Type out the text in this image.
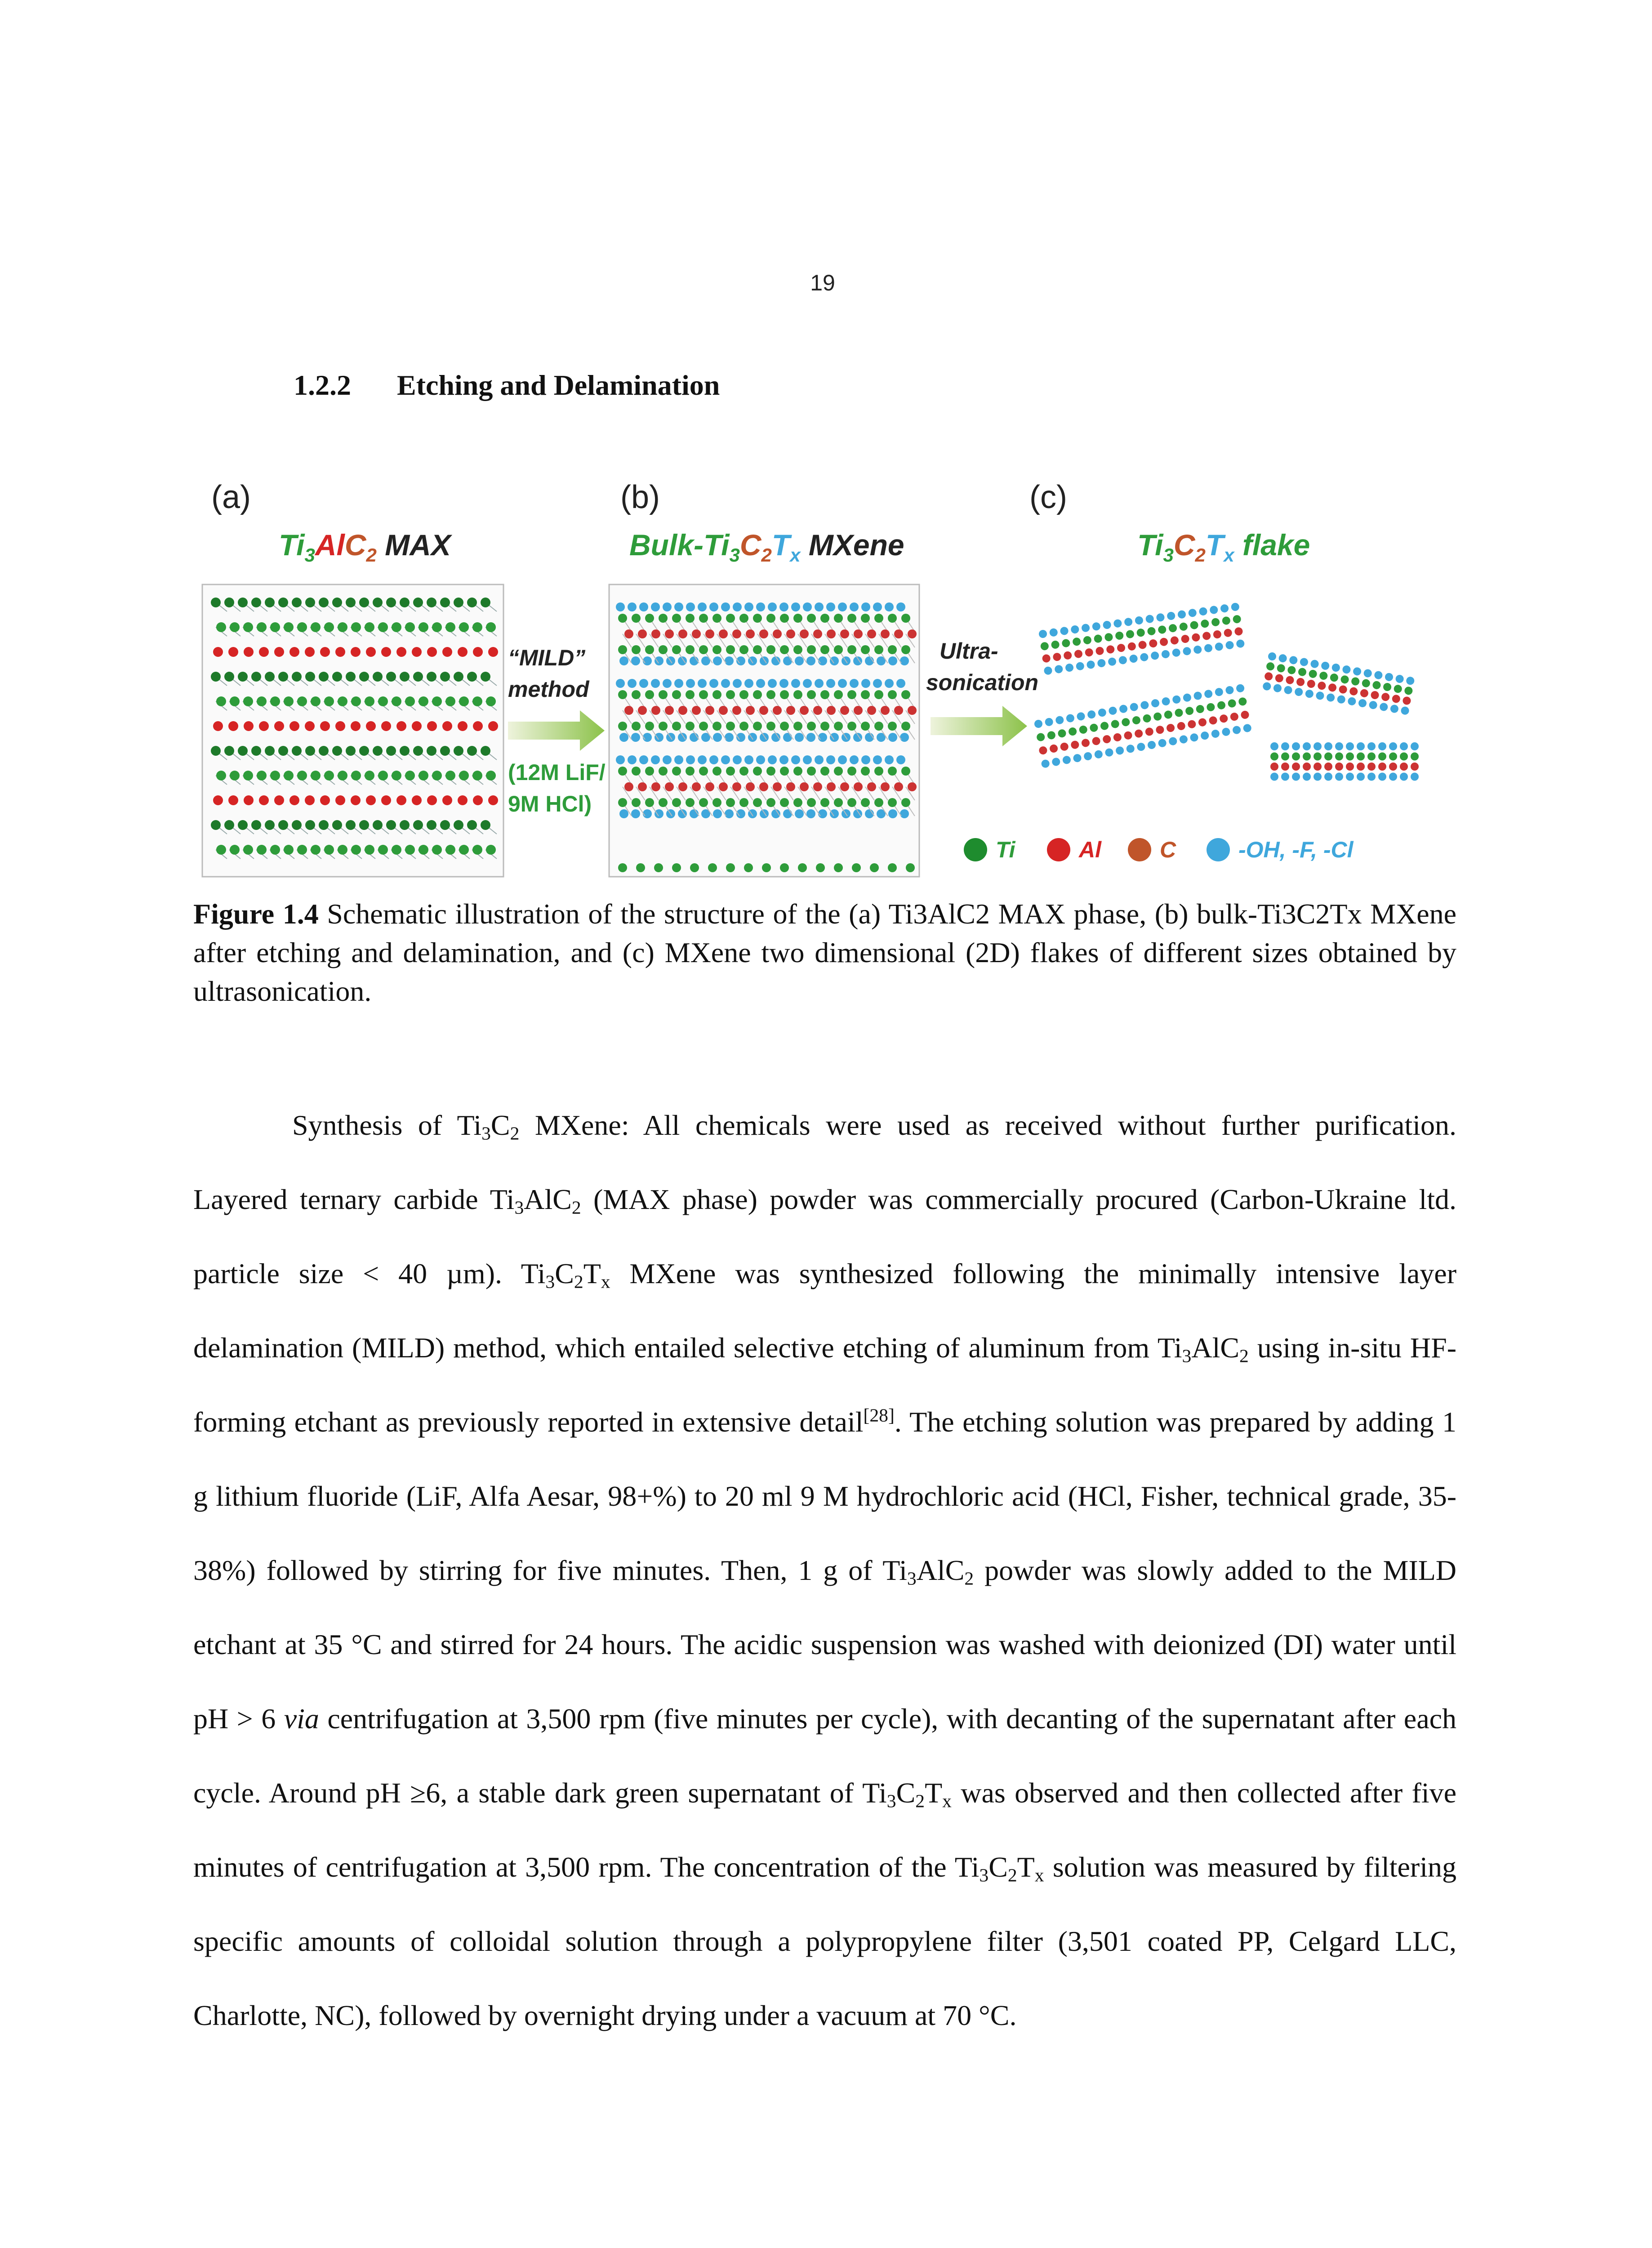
19
1.2.2 Etching and Delamination
(a)	(b)	(c)
$Ti_3AlC_2$ MAX	Bulk-$Ti_3C_2T_x$ MXene	$Ti_3C_2T_x$ flake
“MILD”
method
(12M LiF/
9M HCl)
Ultra-
sonication
Ti	Al	C	-OH, -F, -Cl
Figure 1.4 Schematic illustration of the structure of the (a) Ti3AlC2 MAX phase, (b) bulk-Ti3C2Tx MXene after etching and delamination, and (c) MXene two dimensional (2D) flakes of different sizes obtained by ultrasonication.

Synthesis of $Ti_3C_2$ MXene: All chemicals were used as received without further purification. Layered ternary carbide $Ti_3AlC_2$ (MAX phase) powder was commercially procured (Carbon-Ukraine ltd. particle size < 40 µm). $Ti_3C_2T_x$ MXene was synthesized following the minimally intensive layer delamination (MILD) method, which entailed selective etching of aluminum from $Ti_3AlC_2$ using in-situ HF-forming etchant as previously reported in extensive detail[28]. The etching solution was prepared by adding 1 g lithium fluoride (LiF, Alfa Aesar, 98+%) to 20 ml 9 M hydrochloric acid (HCl, Fisher, technical grade, 35-38%) followed by stirring for five minutes. Then, 1 g of $Ti_3AlC_2$ powder was slowly added to the MILD etchant at 35 °C and stirred for 24 hours. The acidic suspension was washed with deionized (DI) water until pH > 6 via centrifugation at 3,500 rpm (five minutes per cycle), with decanting of the supernatant after each cycle. Around pH ≥6, a stable dark green supernatant of $Ti_3C_2T_x$ was observed and then collected after five minutes of centrifugation at 3,500 rpm. The concentration of the $Ti_3C_2T_x$ solution was measured by filtering specific amounts of colloidal solution through a polypropylene filter (3,501 coated PP, Celgard LLC, Charlotte, NC), followed by overnight drying under a vacuum at 70 °C.
